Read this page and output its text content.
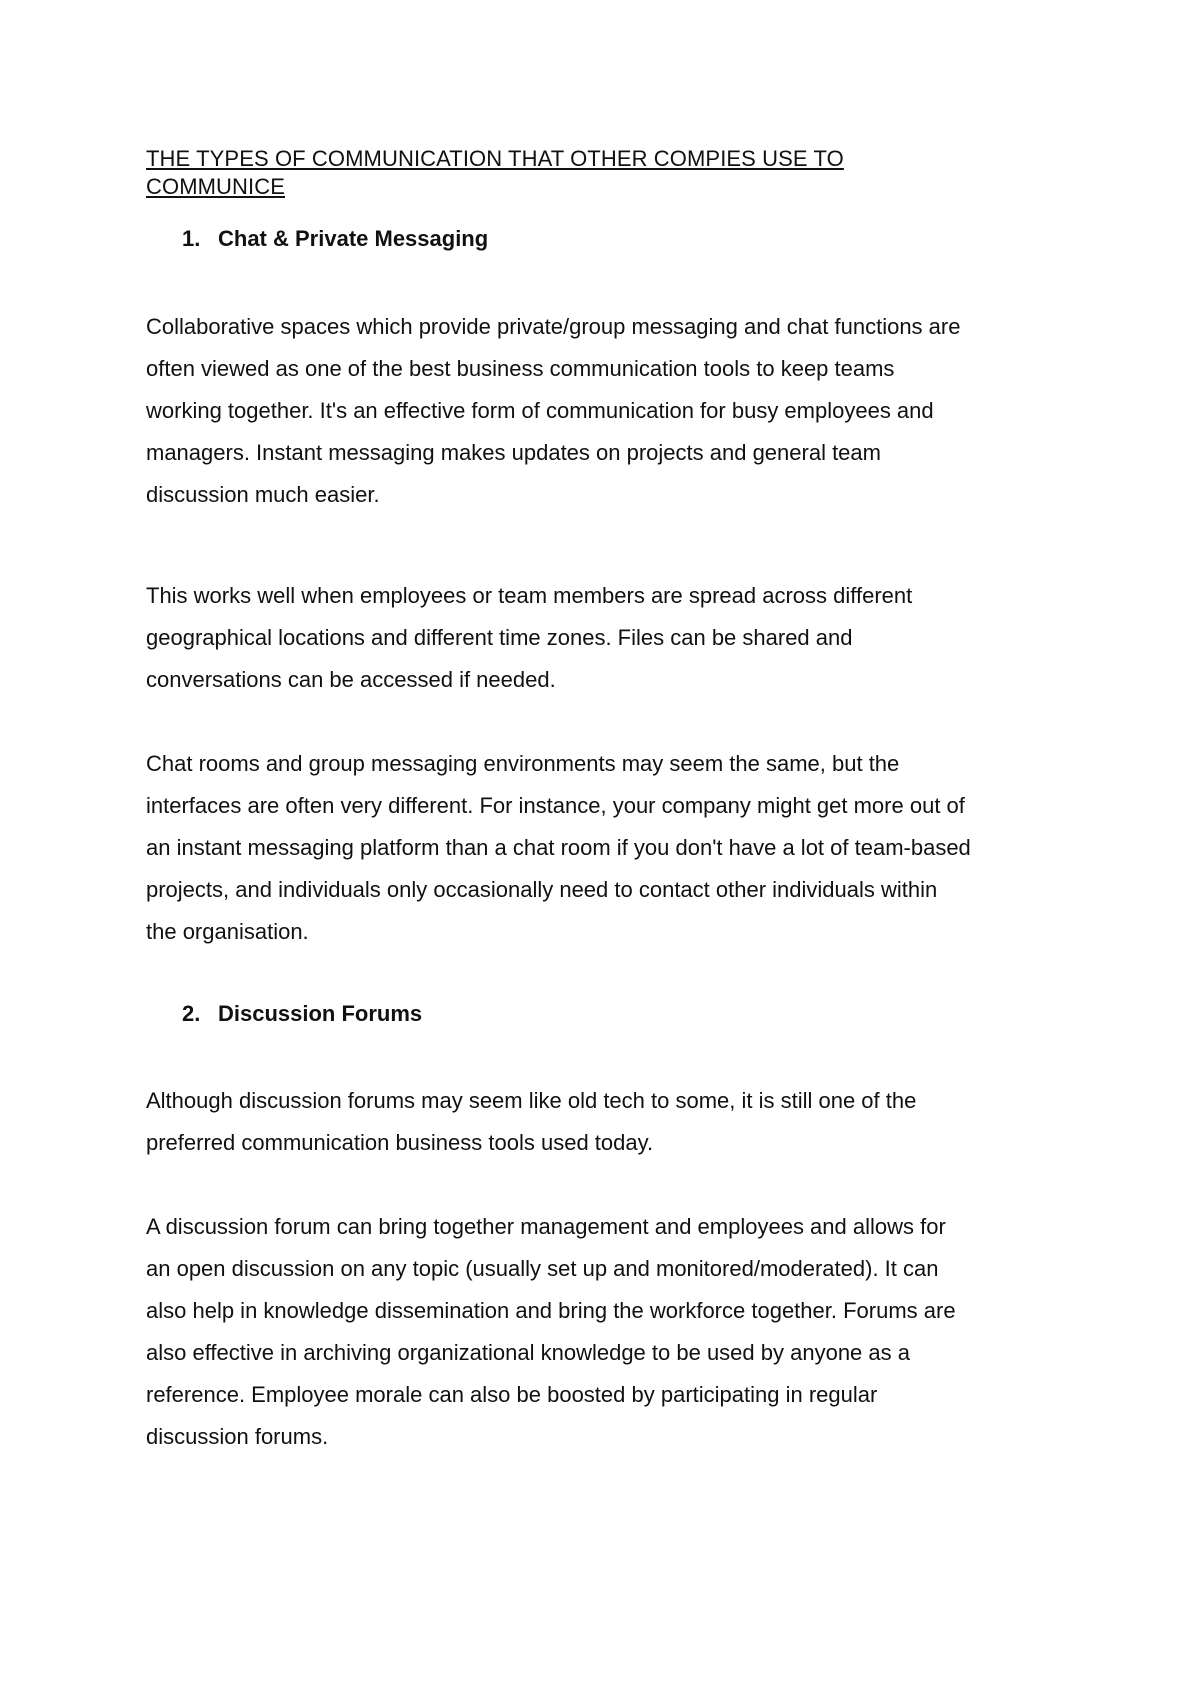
THE TYPES OF COMMUNICATION THAT OTHER COMPIES USE TO
COMMUNICE
1. Chat & Private Messaging

Collaborative spaces which provide private/group messaging and chat functions are
often viewed as one of the best business communication tools to keep teams
working together. It's an effective form of communication for busy employees and
managers. Instant messaging makes updates on projects and general team
discussion much easier.

This works well when employees or team members are spread across different
geographical locations and different time zones. Files can be shared and
conversations can be accessed if needed.

Chat rooms and group messaging environments may seem the same, but the
interfaces are often very different. For instance, your company might get more out of
an instant messaging platform than a chat room if you don't have a lot of team-based
projects, and individuals only occasionally need to contact other individuals within
the organisation.

2. Discussion Forums

Although discussion forums may seem like old tech to some, it is still one of the
preferred communication business tools used today.

A discussion forum can bring together management and employees and allows for
an open discussion on any topic (usually set up and monitored/moderated). It can
also help in knowledge dissemination and bring the workforce together. Forums are
also effective in archiving organizational knowledge to be used by anyone as a
reference. Employee morale can also be boosted by participating in regular
discussion forums.
